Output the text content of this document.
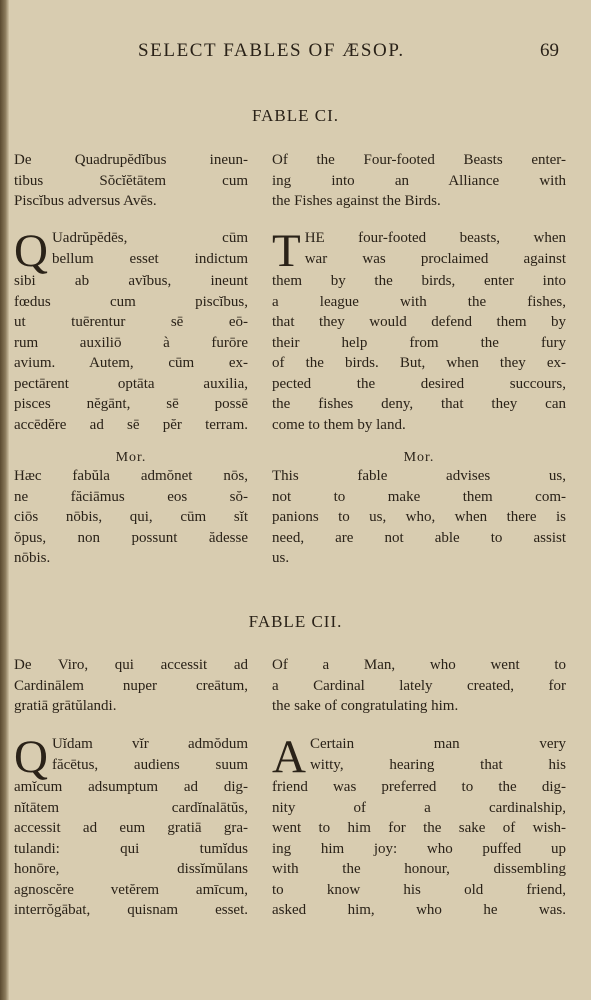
SELECT FABLES OF ÆSOP.	69
FABLE CI.
De Quadrupĕdĭbus ineun-
tibus Sŏcĭĕtātem cum
Piscĭbus adversus Avēs.
Of the Four-footed Beasts enter-
ing into an Alliance with
the Fishes against the Birds.
Q Uadrŭpĕdēs, cūm
bellum esset indictum
sibi ab avĭbus, ineunt
fœdus cum piscĭbus,
ut tuērentur sē eō-
rum auxiliō à furōre
avium. Autem, cūm ex-
pectārent optāta auxilia,
pisces nĕgānt, sē possē
accēdĕre ad sē pĕr terram.
T HE four-footed beasts, when
war was proclaimed against
them by the birds, enter into
a league with the fishes,
that they would defend them by
their help from the fury
of the birds. But, when they ex-
pected the desired succours,
the fishes deny, that they can
come to them by land.
Mor.
Hæc fabŭla admŏnet nōs,
ne făciāmus eos sŏ-
ciōs nōbis, qui, cūm sĭt
ŏpus, non possunt ădesse
nōbis.
Mor.
This fable advises us,
not to make them com-
panions to us, who, when there is
need, are not able to assist
us.
FABLE CII.
De Viro, qui accessit ad
Cardinālem nuper creātum,
gratiā grātŭlandi.
Of a Man, who went to
a Cardinal lately created, for
the sake of congratulating him.
Q Uĭdam vĭr admŏdum
făcētus, audiens suum
amĭcum adsumptum ad dig-
nĭtātem cardĭnalātŭs,
accessit ad eum gratiā gra-
tulandi: qui tumĭdus
honōre, dissĭmŭlans
agnoscĕre vetĕrem amīcum,
interrŏgābat, quisnam esset.
A Certain man very
witty, hearing that his
friend was preferred to the dig-
nity of a cardinalship,
went to him for the sake of wish-
ing him joy: who puffed up
with the honour, dissembling
to know his old friend,
asked him, who he was.
